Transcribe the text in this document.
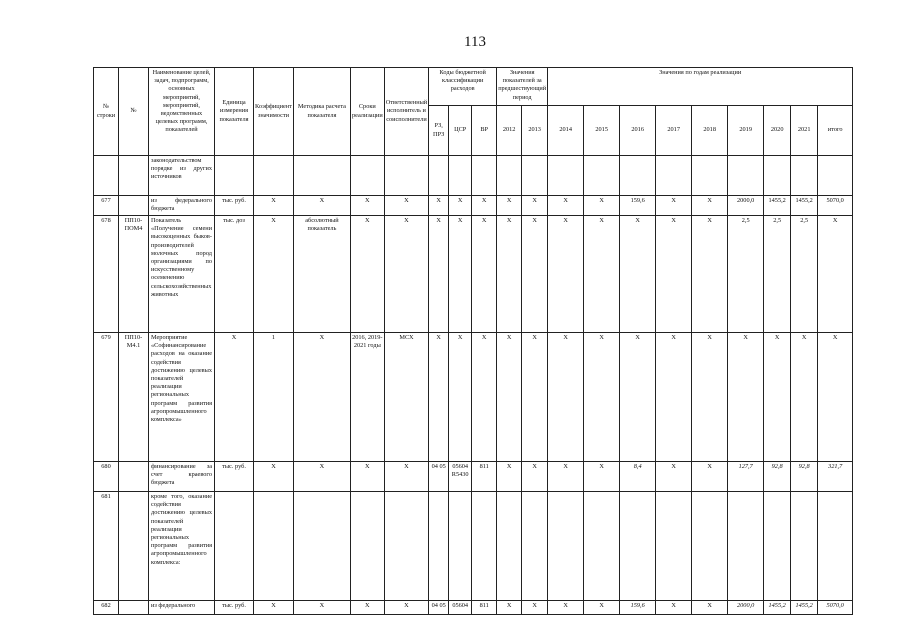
113
№ строки	№	Наименование целей, задач, подпрограмм, основных мероприятий, мероприятий, ведомственных целевых программ, показателей	Единица измерения показателя	Коэффициент значимости	Методика расчета показателя	Сроки реализации	Ответственный исполнитель и соисполнители	Коды бюджетной классификации расходов			Значения показателей за предшествующий период		Значения по годам реализации								
								РЗ, ПРЗ	ЦСР	ВР	2012	2013	2014	2015	2016	2017	2018	2019	2020	2021	итого
		законодательством порядке из других источников																			
677		из федерального бюджета	тыс. руб.	X	X	X	X	X	X	X	X	X	X	X	159,6	X	X	2000,0	1455,2	1455,2	5070,0
678	ПП10-ПОМ4	Показатель «Получение семени высокоценных быков-производителей молочных пород организациями по искусственному осеменению сельскохозяйственных животных	тыс. доз	X	абсолютный показатель	X	X	X	X	X	X	X	X	X	X	X	X	2,5	2,5	2,5	X
679	ПП10-М4.1	Мероприятие «Софинансирование расходов на оказание содействия достижению целевых показателей реализации региональных программ развития агропромышленного комплекса»	X	1	X	2016, 2019-2021 годы	МСХ	X	X	X	X	X	X	X	X	X	X	X	X	X	X
680		финансирование за счет краевого бюджета	тыс. руб.	X	X	X	X	04 05	05604 R5430	811	X	X	X	X	8,4	X	X	127,7	92,8	92,8	321,7
681		кроме того, оказание содействия достижению целевых показателей реализации региональных программ развития агропромышленного комплекса:																			
682		из федерального	тыс. руб.	X	X	X	X	04 05	05604	811	X	X	X	X	159,6	X	X	2000,0	1455,2	1455,2	5070,0
